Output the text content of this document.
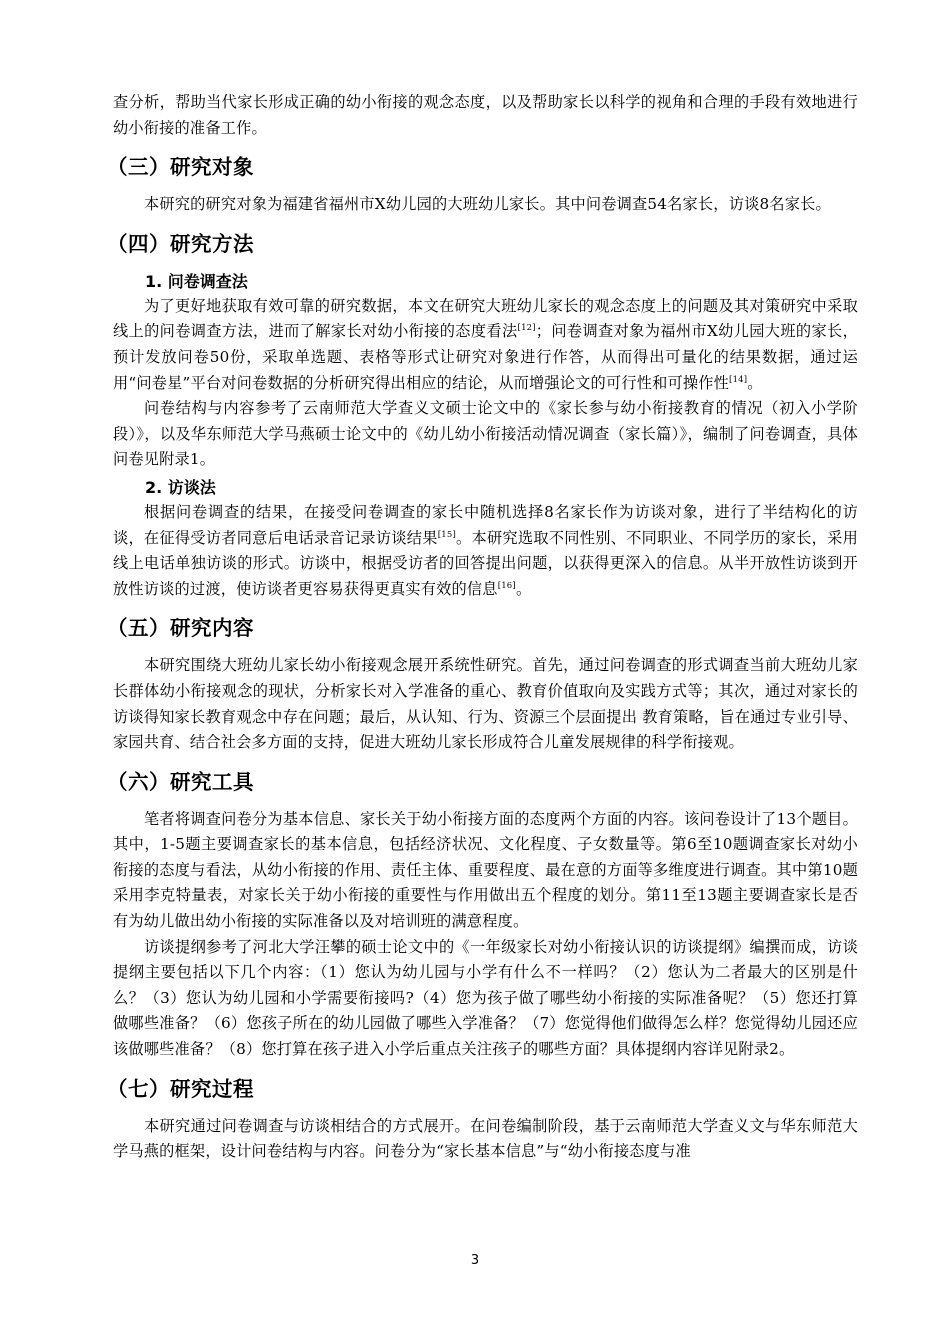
查分析，帮助当代家长形成正确的幼小衔接的观念态度，以及帮助家长以科学的视角和合理的手段有效地进行幼小衔接的准备工作。

（三）研究对象

本研究的研究对象为福建省福州市X幼儿园的大班幼儿家长。其中问卷调查54名家长，访谈8名家长。

（四）研究方法
1. 问卷调查法

为了更好地获取有效可靠的研究数据，本文在研究大班幼儿家长的观念态度上的问题及其对策研究中采取线上的问卷调查方法，进而了解家长对幼小衔接的态度看法[12]；问卷调查对象为福州市X幼儿园大班的家长，预计发放问卷50份，采取单选题、表格等形式让研究对象进行作答，从而得出可量化的结果数据，通过运用“问卷星”平台对问卷数据的分析研究得出相应的结论，从而增强论文的可行性和可操作性[14]。

问卷结构与内容参考了云南师范大学查义文硕士论文中的《家长参与幼小衔接教育的情况（初入小学阶段）》，以及华东师范大学马燕硕士论文中的《幼儿幼小衔接活动情况调查（家长篇）》，编制了问卷调查，具体问卷见附录1。

2. 访谈法

根据问卷调查的结果，在接受问卷调查的家长中随机选择8名家长作为访谈对象，进行了半结构化的访谈，在征得受访者同意后电话录音记录访谈结果[15]。本研究选取不同性别、不同职业、不同学历的家长，采用线上电话单独访谈的形式。访谈中，根据受访者的回答提出问题，以获得更深入的信息。从半开放性访谈到开放性访谈的过渡，使访谈者更容易获得更真实有效的信息[16]。

（五）研究内容

本研究围绕大班幼儿家长幼小衔接观念展开系统性研究。首先，通过问卷调查的形式调查当前大班幼儿家长群体幼小衔接观念的现状，分析家长对入学准备的重心、教育价值取向及实践方式等；其次，通过对家长的访谈得知家长教育观念中存在问题；最后，从认知、行为、资源三个层面提出 教育策略，旨在通过专业引导、家园共育、结合社会多方面的支持，促进大班幼儿家长形成符合儿童发展规律的科学衔接观。

（六）研究工具

笔者将调查问卷分为基本信息、家长关于幼小衔接方面的态度两个方面的内容。该问卷设计了13个题目。其中，1-5题主要调查家长的基本信息，包括经济状况、文化程度、子女数量等。第6至10题调查家长对幼小衔接的态度与看法，从幼小衔接的作用、责任主体、重要程度、最在意的方面等多维度进行调查。其中第10题采用李克特量表，对家长关于幼小衔接的重要性与作用做出五个程度的划分。第11至13题主要调查家长是否有为幼儿做出幼小衔接的实际准备以及对培训班的满意程度。

访谈提纲参考了河北大学汪攀的硕士论文中的《一年级家长对幼小衔接认识的访谈提纲》编撰而成，访谈提纲主要包括以下几个内容：（1）您认为幼儿园与小学有什么不一样吗？（2）您认为二者最大的区别是什么？（3）您认为幼儿园和小学需要衔接吗?（4）您为孩子做了哪些幼小衔接的实际准备呢？（5）您还打算做哪些准备？（6）您孩子所在的幼儿园做了哪些入学准备？（7）您觉得他们做得怎么样？您觉得幼儿园还应该做哪些准备？（8）您打算在孩子进入小学后重点关注孩子的哪些方面？具体提纲内容详见附录2。

（七）研究过程

本研究通过问卷调查与访谈相结合的方式展开。在问卷编制阶段，基于云南师范大学查义文与华东师范大学马燕的框架，设计问卷结构与内容。问卷分为“家长基本信息”与“幼小衔接态度与准

3
